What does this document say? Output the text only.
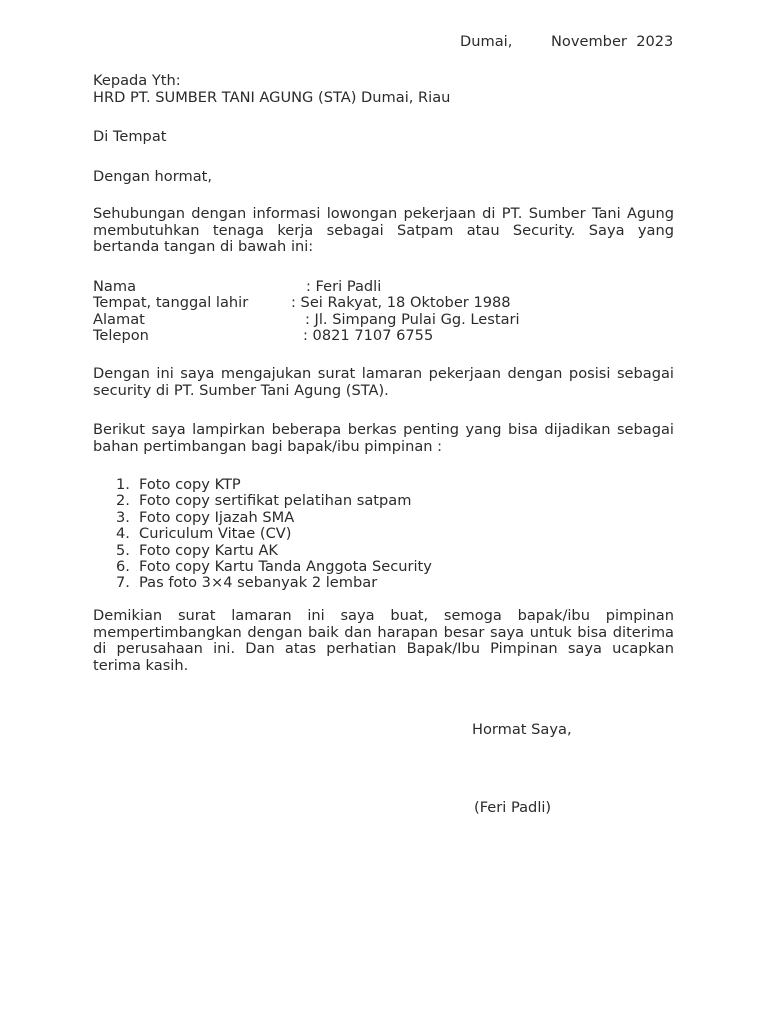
Dumai,	November  2023
Kepada Yth:
HRD PT. SUMBER TANI AGUNG (STA) Dumai, Riau
Di Tempat
Dengan hormat,

Sehubungan dengan informasi lowongan pekerjaan di PT. Sumber Tani Agung membutuhkan tenaga kerja sebagai Satpam atau Security. Saya yang bertanda tangan di bawah ini:

Nama	: Feri Padli
Tempat, tanggal lahir	: Sei Rakyat, 18 Oktober 1988
Alamat	: Jl. Simpang Pulai Gg. Lestari
Telepon	: 0821 7107 6755

Dengan ini saya mengajukan surat lamaran pekerjaan dengan posisi sebagai security di PT. Sumber Tani Agung (STA).

Berikut saya lampirkan beberapa berkas penting yang bisa dijadikan sebagai bahan pertimbangan bagi bapak/ibu pimpinan :

1. Foto copy KTP
2. Foto copy sertifikat pelatihan satpam
3. Foto copy Ijazah SMA
4. Curiculum Vitae (CV)
5. Foto copy Kartu AK
6. Foto copy Kartu Tanda Anggota Security
7. Pas foto 3×4 sebanyak 2 lembar

Demikian surat lamaran ini saya buat, semoga bapak/ibu pimpinan mempertimbangkan dengan baik dan harapan besar saya untuk bisa diterima di perusahaan ini. Dan atas perhatian Bapak/Ibu Pimpinan saya ucapkan terima kasih.

Hormat Saya,
(Feri Padli)
